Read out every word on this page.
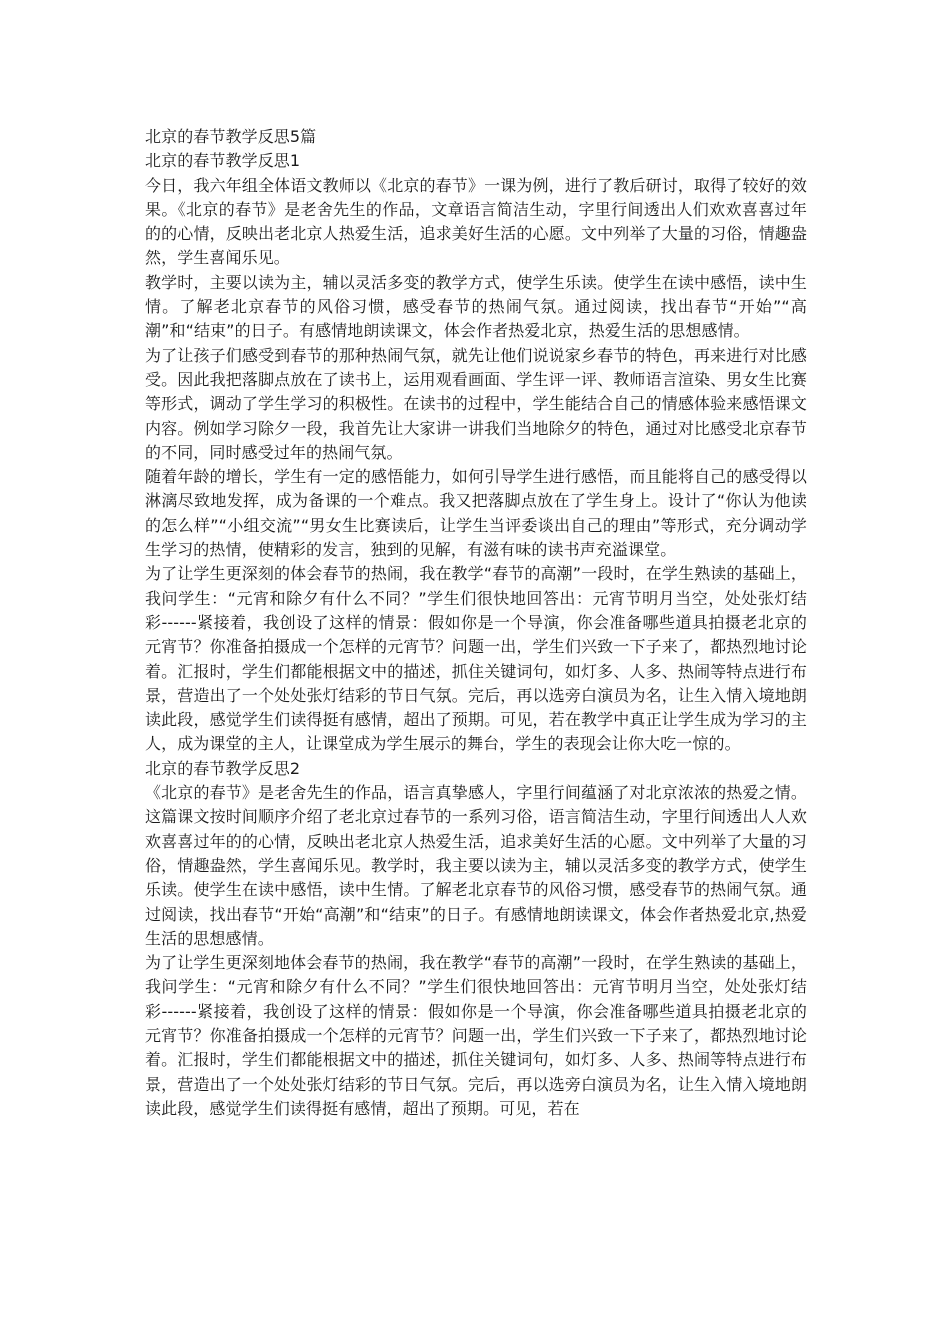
北京的春节教学反思5篇

北京的春节教学反思1

今日，我六年组全体语文教师以《北京的春节》一课为例，进行了教后研讨，取得了较好的效果。《北京的春节》是老舍先生的作品，文章语言简洁生动，字里行间透出人们欢欢喜喜过年的的心情，反映出老北京人热爱生活，追求美好生活的心愿。文中列举了大量的习俗，情趣盎然，学生喜闻乐见。

教学时，主要以读为主，辅以灵活多变的教学方式，使学生乐读。使学生在读中感悟，读中生情。了解老北京春节的风俗习惯，感受春节的热闹气氛。通过阅读，找出春节“开始”“高潮”和“结束”的日子。有感情地朗读课文，体会作者热爱北京，热爱生活的思想感情。

为了让孩子们感受到春节的那种热闹气氛，就先让他们说说家乡春节的特色，再来进行对比感受。因此我把落脚点放在了读书上，运用观看画面、学生评一评、教师语言渲染、男女生比赛等形式，调动了学生学习的积极性。在读书的过程中，学生能结合自己的情感体验来感悟课文内容。例如学习除夕一段，我首先让大家讲一讲我们当地除夕的特色，通过对比感受北京春节的不同，同时感受过年的热闹气氛。

随着年龄的增长，学生有一定的感悟能力，如何引导学生进行感悟，而且能将自己的感受得以淋漓尽致地发挥，成为备课的一个难点。我又把落脚点放在了学生身上。设计了“你认为他读的怎么样”“小组交流”“男女生比赛读后，让学生当评委谈出自己的理由”等形式，充分调动学生学习的热情，使精彩的发言，独到的见解，有滋有味的读书声充溢课堂。

为了让学生更深刻的体会春节的热闹，我在教学“春节的高潮”一段时，在学生熟读的基础上，我问学生：“元宵和除夕有什么不同？”学生们很快地回答出：元宵节明月当空，处处张灯结彩------紧接着，我创设了这样的情景：假如你是一个导演，你会准备哪些道具拍摄老北京的元宵节？你准备拍摄成一个怎样的元宵节？问题一出，学生们兴致一下子来了，都热烈地讨论着。汇报时，学生们都能根据文中的描述，抓住关键词句，如灯多、人多、热闹等特点进行布景，营造出了一个处处张灯结彩的节日气氛。完后，再以选旁白演员为名，让生入情入境地朗读此段，感觉学生们读得挺有感情，超出了预期。可见，若在教学中真正让学生成为学习的主人，成为课堂的主人，让课堂成为学生展示的舞台，学生的表现会让你大吃一惊的。

北京的春节教学反思2

《北京的春节》是老舍先生的作品，语言真挚感人，字里行间蕴涵了对北京浓浓的热爱之情。这篇课文按时间顺序介绍了老北京过春节的一系列习俗，语言简洁生动，字里行间透出人人欢欢喜喜过年的的心情，反映出老北京人热爱生活，追求美好生活的心愿。文中列举了大量的习俗，情趣盎然，学生喜闻乐见。教学时，我主要以读为主，辅以灵活多变的教学方式，使学生乐读。使学生在读中感悟，读中生情。了解老北京春节的风俗习惯，感受春节的热闹气氛。通过阅读，找出春节“开始“高潮”和“结束”的日子。有感情地朗读课文，体会作者热爱北京,热爱生活的思想感情。

为了让学生更深刻地体会春节的热闹，我在教学“春节的高潮”一段时，在学生熟读的基础上，我问学生：“元宵和除夕有什么不同？”学生们很快地回答出：元宵节明月当空，处处张灯结彩------紧接着，我创设了这样的情景：假如你是一个导演，你会准备哪些道具拍摄老北京的元宵节？你准备拍摄成一个怎样的元宵节？问题一出，学生们兴致一下子来了，都热烈地讨论着。汇报时，学生们都能根据文中的描述，抓住关键词句，如灯多、人多、热闹等特点进行布景，营造出了一个处处张灯结彩的节日气氛。完后，再以选旁白演员为名，让生入情入境地朗读此段，感觉学生们读得挺有感情，超出了预期。可见，若在
